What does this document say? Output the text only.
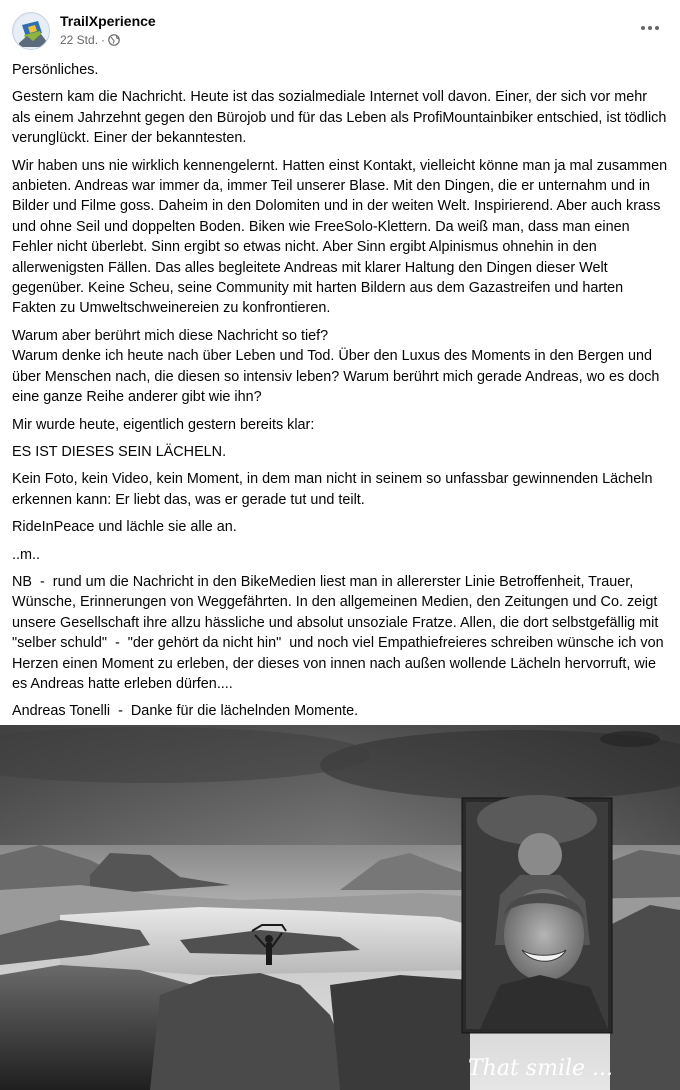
TrailXperience
22 Std. ·

Persönliches.

Gestern kam die Nachricht. Heute ist das sozialmediale Internet voll davon. Einer, der sich vor mehr als einem Jahrzehnt gegen den Bürojob und für das Leben als ProfiMountainbiker entschied, ist tödlich verunglückt. Einer der bekanntesten.

Wir haben uns nie wirklich kennengelernt. Hatten einst Kontakt, vielleicht könne man ja mal zusammen anbieten. Andreas war immer da, immer Teil unserer Blase. Mit den Dingen, die er unternahm und in Bilder und Filme goss. Daheim in den Dolomiten und in der weiten Welt. Inspirierend. Aber auch krass und ohne Seil und doppelten Boden. Biken wie FreeSolo-Klettern. Da weiß man, dass man einen Fehler nicht überlebt. Sinn ergibt so etwas nicht. Aber Sinn ergibt Alpinismus ohnehin in den allerwenigsten Fällen. Das alles begleitete Andreas mit klarer Haltung den Dingen dieser Welt gegenüber. Keine Scheu, seine Community mit harten Bildern aus dem Gazastreifen und harten Fakten zu Umweltschweinereien zu konfrontieren.

Warum aber berührt mich diese Nachricht so tief?
Warum denke ich heute nach über Leben und Tod. Über den Luxus des Moments in den Bergen und über Menschen nach, die diesen so intensiv leben? Warum berührt mich gerade Andreas, wo es doch eine ganze Reihe anderer gibt wie ihn?

Mir wurde heute, eigentlich gestern bereits klar:

ES IST DIESES SEIN LÄCHELN.

Kein Foto, kein Video, kein Moment, in dem man nicht in seinem so unfassbar gewinnenden Lächeln erkennen kann: Er liebt das, was er gerade tut und teilt.

RideInPeace und lächle sie alle an.

..m..

NB  -  rund um die Nachricht in den BikeMedien liest man in allererster Linie Betroffenheit, Trauer, Wünsche, Erinnerungen von Weggefährten. In den allgemeinen Medien, den Zeitungen und Co. zeigt unsere Gesellschaft ihre allzu hässliche und absolut unsoziale Fratze. Allen, die dort selbstgefällig mit "selber schuld"  -  "der gehört da nicht hin"  und noch viel Empathiefreieres schreiben wünsche ich von Herzen einen Moment zu erleben, der dieses von innen nach außen wollende Lächeln hervorruft, wie es Andreas hatte erleben dürfen....

Andreas Tonelli  -  Danke für die lächelnden Momente.

That smile ...
